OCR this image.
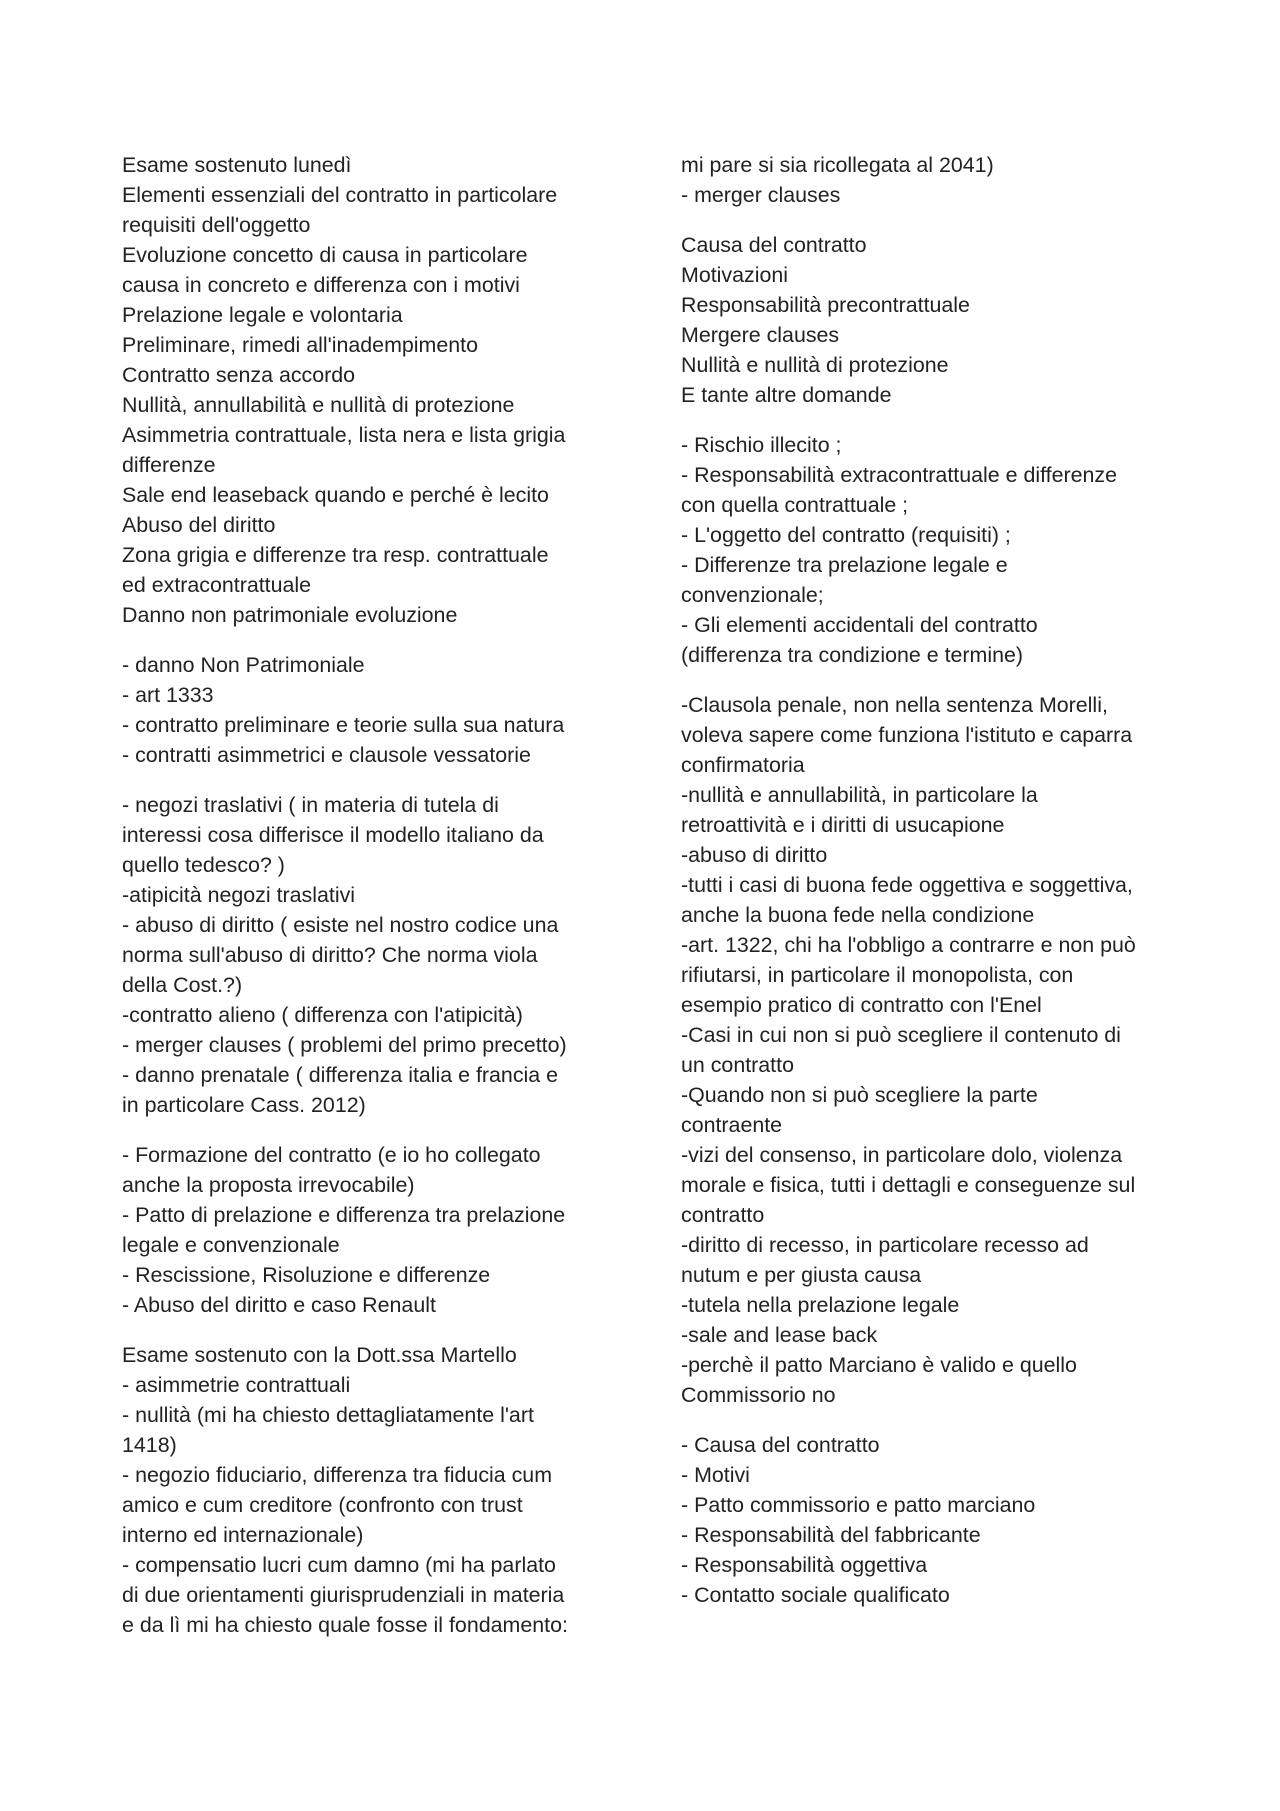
Esame sostenuto lunedì
Elementi essenziali del contratto in particolare
requisiti dell'oggetto
Evoluzione concetto di causa in particolare
causa in concreto e differenza con i motivi
Prelazione legale e volontaria
Preliminare, rimedi all'inadempimento
Contratto senza accordo
Nullità, annullabilità e nullità di protezione
Asimmetria contrattuale, lista nera e lista grigia
differenze
Sale end leaseback quando e perché è lecito
Abuso del diritto
Zona grigia e differenze tra resp. contrattuale
ed extracontrattuale
Danno non patrimoniale evoluzione
- danno Non Patrimoniale
- art 1333
- contratto preliminare e teorie sulla sua natura
- contratti asimmetrici e clausole vessatorie
- negozi traslativi ( in materia di tutela di
interessi cosa differisce il modello italiano da
quello tedesco? )
-atipicità negozi traslativi
- abuso di diritto ( esiste nel nostro codice una
norma sull'abuso di diritto? Che norma viola
della Cost.?)
-contratto alieno ( differenza con l'atipicità)
- merger clauses ( problemi del primo precetto)
- danno prenatale ( differenza italia e francia e
in particolare Cass. 2012)
- Formazione del contratto (e io ho collegato
anche la proposta irrevocabile)
- Patto di prelazione e differenza tra prelazione
legale e convenzionale
- Rescissione, Risoluzione e differenze
- Abuso del diritto e caso Renault
Esame sostenuto con la Dott.ssa Martello
- asimmetrie contrattuali
- nullità (mi ha chiesto dettagliatamente l'art
1418)
- negozio fiduciario, differenza tra fiducia cum
amico e cum creditore (confronto con trust
interno ed internazionale)
- compensatio lucri cum damno (mi ha parlato
di due orientamenti giurisprudenziali in materia
e da lì mi ha chiesto quale fosse il fondamento:
mi pare si sia ricollegata al 2041)
- merger clauses
Causa del contratto
Motivazioni
Responsabilità precontrattuale
Mergere clauses
Nullità e nullità di protezione
E tante altre domande
- Rischio illecito ;
- Responsabilità extracontrattuale e differenze
con quella contrattuale ;
- L'oggetto del contratto (requisiti) ;
- Differenze tra prelazione legale e
convenzionale;
- Gli elementi accidentali del contratto
(differenza tra condizione e termine)
-Clausola penale, non nella sentenza Morelli,
voleva sapere come funziona l'istituto e caparra
confirmatoria
-nullità e annullabilità, in particolare la
retroattività e i diritti di usucapione
-abuso di diritto
-tutti i casi di buona fede oggettiva e soggettiva,
anche la buona fede nella condizione
-art. 1322, chi ha l'obbligo a contrarre e non può
rifiutarsi, in particolare il monopolista, con
esempio pratico di contratto con l'Enel
-Casi in cui non si può scegliere il contenuto di
un contratto
-Quando non si può scegliere la parte
contraente
-vizi del consenso, in particolare dolo, violenza
morale e fisica, tutti i dettagli e conseguenze sul
contratto
-diritto di recesso, in particolare recesso ad
nutum e per giusta causa
-tutela nella prelazione legale
-sale and lease back
-perchè il patto Marciano è valido e quello
Commissorio no
- Causa del contratto
- Motivi
- Patto commissorio e patto marciano
- Responsabilità del fabbricante
- Responsabilità oggettiva
- Contatto sociale qualificato
